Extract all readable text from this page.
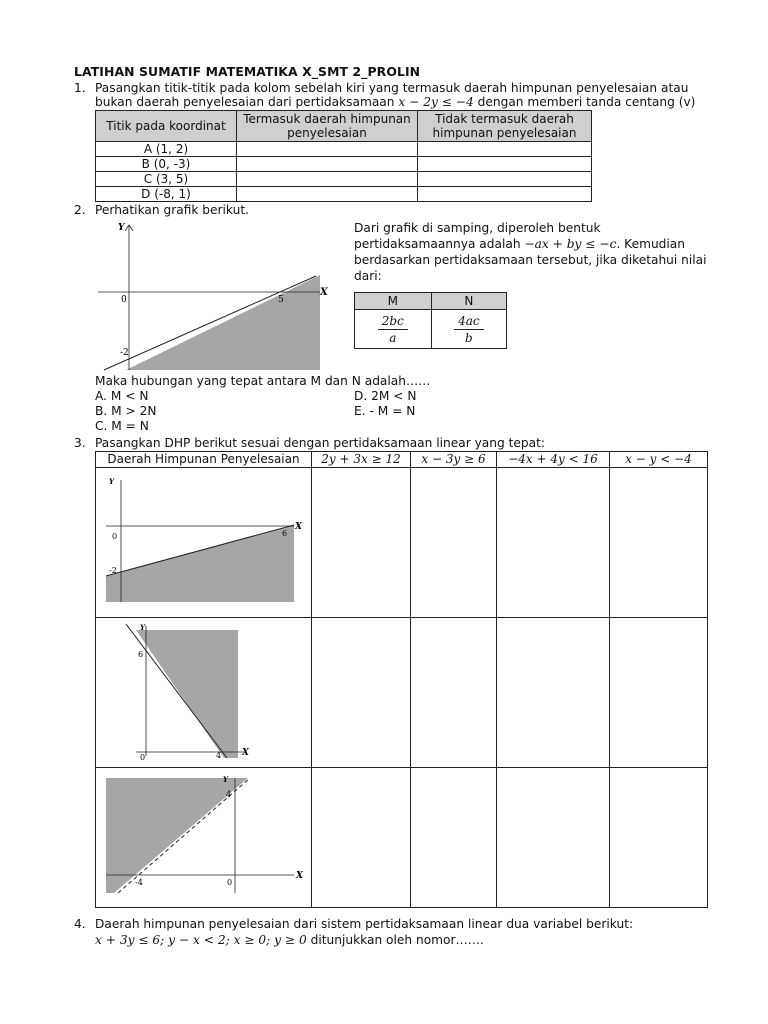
LATIHAN SUMATIF MATEMATIKA X_SMT 2_PROLIN
1. Pasangkan titik-titik pada kolom sebelah kiri yang termasuk daerah himpunan penyelesaian atau
bukan daerah penyelesaian dari pertidaksamaan x − 2y ≤ −4 dengan memberi tanda centang (v)
Titik pada koordinat	Termasuk daerah himpunan penyelesaian	Tidak termasuk daerah himpunan penyelesaian
A (1, 2)		
B (0, -3)		
C (3, 5)		
D (-8, 1)		
2. Perhatikan grafik berikut.
Y
X
0	5
-2
Dari grafik di samping, diperoleh bentuk
pertidaksamaannya adalah −ax + by ≤ −c. Kemudian
berdasarkan pertidaksamaan tersebut, jika diketahui nilai
dari:
M	N

$\frac{2bc}{a}$	$\frac{4ac}{b}$
Maka hubungan yang tepat antara M dan N adalah……
A. M < N	D. 2M < N
B. M > 2N	E. - M = N
C. M = N
3. Pasangkan DHP berikut sesuai dengan pertidaksamaan linear yang tepat:
Daerah Himpunan Penyelesaian	2y + 3x ≥ 12	x − 3y ≥ 6	−4x + 4y < 16	x − y < −4

Y
X
0 6
-2				

Y
X
0 4
6				

Y
X
0
-4
4				

4. Daerah himpunan penyelesaian dari sistem pertidaksamaan linear dua variabel berikut:
x + 3y ≤ 6; y − x < 2; x ≥ 0; y ≥ 0 ditunjukkan oleh nomor…….
